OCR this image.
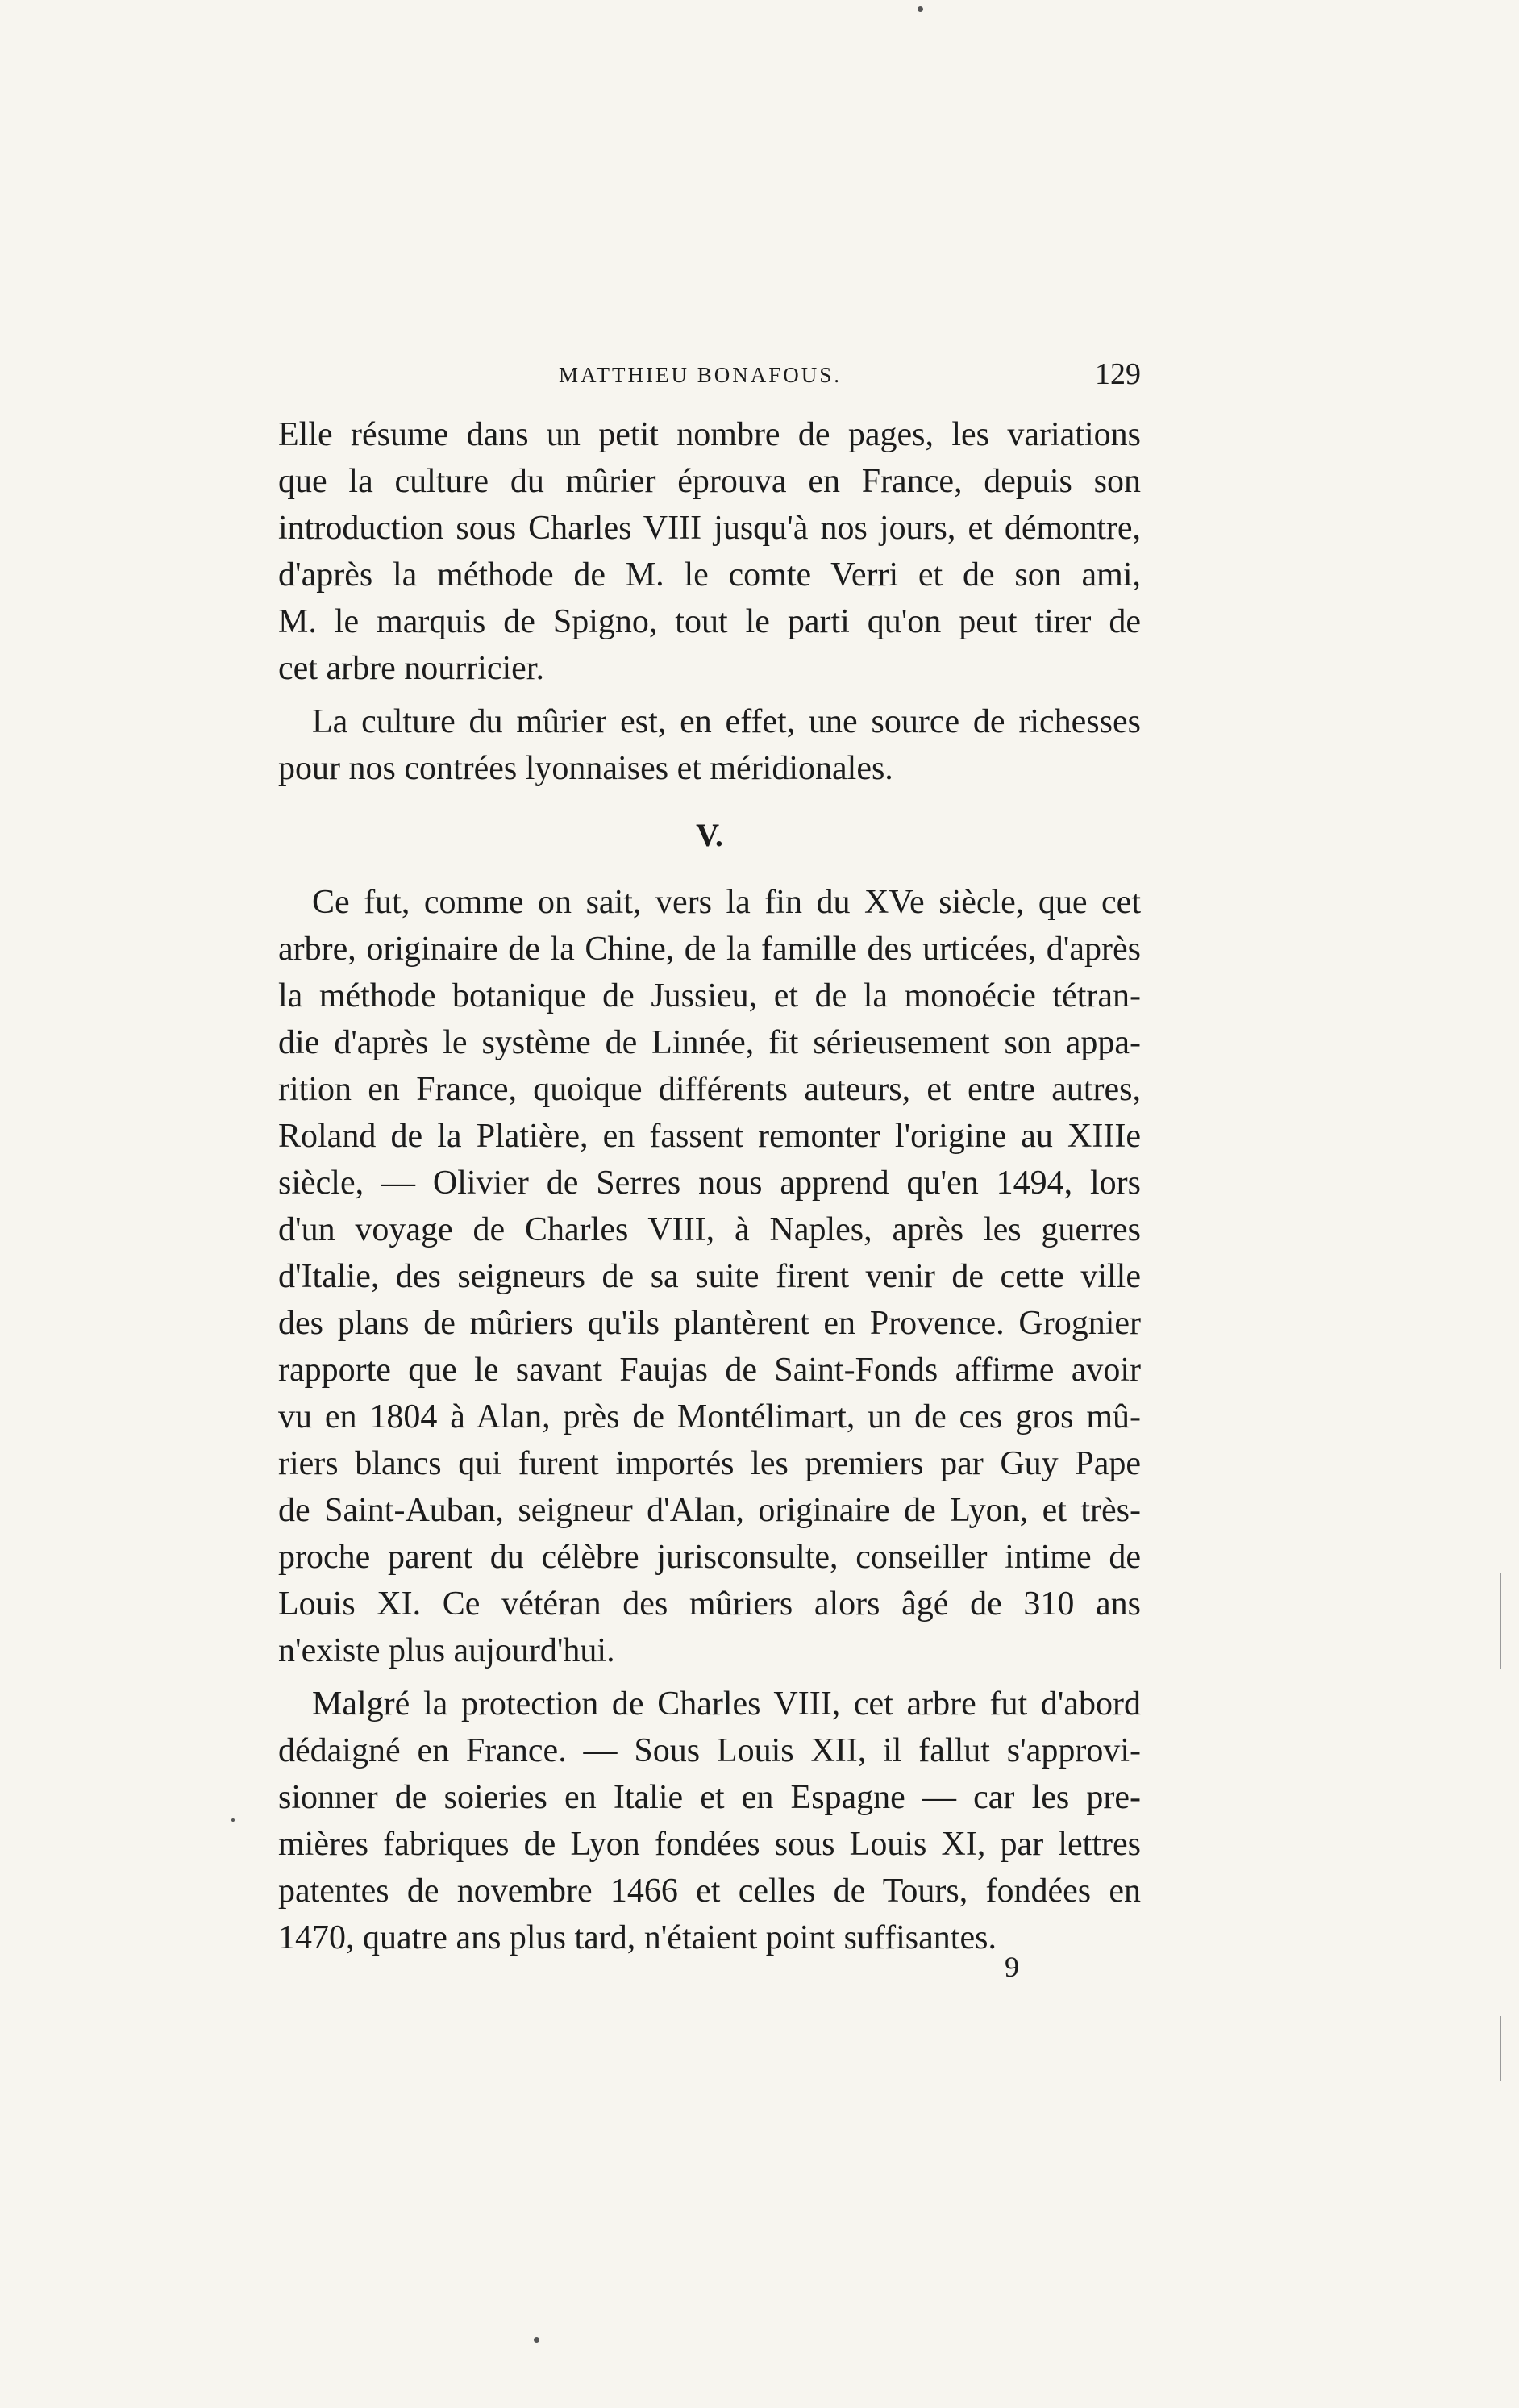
MATTHIEU BONAFOUS.	129
Elle résume dans un petit nombre de pages, les variations
que la culture du mûrier éprouva en France, depuis son
introduction sous Charles VIII jusqu'à nos jours, et démontre,
d'après la méthode de M. le comte Verri et de son ami,
M. le marquis de Spigno, tout le parti qu'on peut tirer de
cet arbre nourricier.
La culture du mûrier est, en effet, une source de richesses
pour nos contrées lyonnaises et méridionales.
V.
Ce fut, comme on sait, vers la fin du XVe siècle, que cet
arbre, originaire de la Chine, de la famille des urticées, d'après
la méthode botanique de Jussieu, et de la monoécie tétran-
die d'après le système de Linnée, fit sérieusement son appa-
rition en France, quoique différents auteurs, et entre autres,
Roland de la Platière, en fassent remonter l'origine au XIIIe
siècle, — Olivier de Serres nous apprend qu'en 1494, lors
d'un voyage de Charles VIII, à Naples, après les guerres
d'Italie, des seigneurs de sa suite firent venir de cette ville
des plans de mûriers qu'ils plantèrent en Provence. Grognier
rapporte que le savant Faujas de Saint-Fonds affirme avoir
vu en 1804 à Alan, près de Montélimart, un de ces gros mû-
riers blancs qui furent importés les premiers par Guy Pape
de Saint-Auban, seigneur d'Alan, originaire de Lyon, et très-
proche parent du célèbre jurisconsulte, conseiller intime de
Louis XI. Ce vétéran des mûriers alors âgé de 310 ans
n'existe plus aujourd'hui.
Malgré la protection de Charles VIII, cet arbre fut d'abord
dédaigné en France. — Sous Louis XII, il fallut s'approvi-
sionner de soieries en Italie et en Espagne — car les pre-
mières fabriques de Lyon fondées sous Louis XI, par lettres
patentes de novembre 1466 et celles de Tours, fondées en
1470, quatre ans plus tard, n'étaient point suffisantes.
9
